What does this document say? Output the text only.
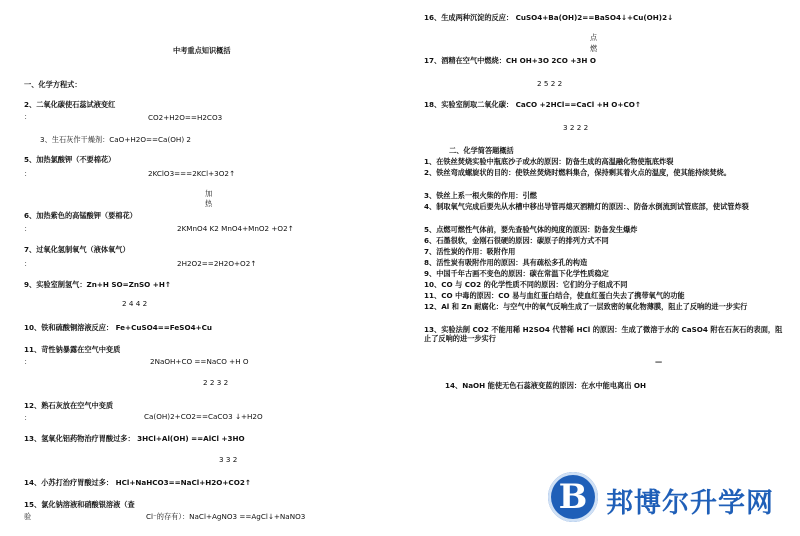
中考重点知识概括
一、化学方程式：
2、二氧化碳使石蕊试液变红
：	CO2+H2O==H2CO3
3、生石灰作干燥剂：CaO+H2O==Ca(OH) 2
5、加热氯酸钾（不要棉花）
：	2KClO3===2KCl+3O2↑
加
热
6、加热紫色的高锰酸钾（要棉花）
：	2KMnO4 K2 MnO4+MnO2 +O2↑
7、过氧化氢制氧气（液体氧气）
：	2H2O2==2H2O+O2↑
9、实验室制氢气：Zn+H SO=ZnSO +H↑
2 4 4 2
10、铁和硫酸铜溶液反应： Fe+CuSO4==FeSO4+Cu
11、苛性钠暴露在空气中变质
：	2NaOH+CO ==NaCO +H O
2 2 3 2
12、熟石灰放在空气中变质
：	Ca(OH)2+CO2==CaCO3 ↓+H2O
13、氢氧化铝药物治疗胃酸过多： 3HCl+Al(OH) ==AlCl +3HO
3 3 2
14、小苏打治疗胃酸过多： HCl+NaHCO3==NaCl+H2O+CO2↑
15、氯化钠溶液和硝酸银溶液（查
验	Cl⁻的存有）：NaCl+AgNO3 ==AgCl↓+NaNO3
16、生成两种沉淀的反应： CuSO4+Ba(OH)2==BaSO4↓+Cu(OH)2↓
点
燃
17、酒精在空气中燃烧：CH OH+3O 2CO +3H O
2 5 2 2
18、实验室制取二氧化碳： CaCO +2HCl==CaCl +H O+CO↑
3 2 2 2
二、化学简答题概括
1、在铁丝焚烧实验中瓶底沙子或水的原因：防备生成的高温融化物使瓶底炸裂
2、铁丝弯成螺旋状的目的：使铁丝焚烧时燃料集合，保持剩其着火点的温度，使其能持续焚烧。
3、铁丝上系一根火柴的作用：引燃
4、制取氧气完成后要先从水槽中移出导管再熄灭酒精灯的原因：、防备水倒流到试管底部，使试管炸裂
5、点燃可燃性气体前，要先查验气体的纯度的原因：防备发生爆炸
6、石墨很软，金刚石很硬的原因：碳原子的排列方式不同
7、活性炭的作用：吸附作用
8、活性炭有吸附作用的原因：具有疏松多孔的构造
9、中国千年古画不变色的原因：碳在常温下化学性质稳定
10、CO 与 CO2 的化学性质不同的原因：它们的分子组成不同
11、CO 中毒的原因：CO 易与血红蛋白结合，使血红蛋白失去了携带氧气的功能
12、Al 和 Zn 耐腐化：与空气中的氧气反响生成了一层致密的氧化物薄膜，阻止了反响的进一步实行
13、实验法制 CO2 不能用稀 H2SO4 代替稀 HCl 的原因：生成了微溶于水的 CaSO4 附在石灰石的表面，阻止了反响的进一步实行
—
14、NaOH 能使无色石蕊液变蓝的原因：在水中能电离出 OH
B 邦博尔升学网
